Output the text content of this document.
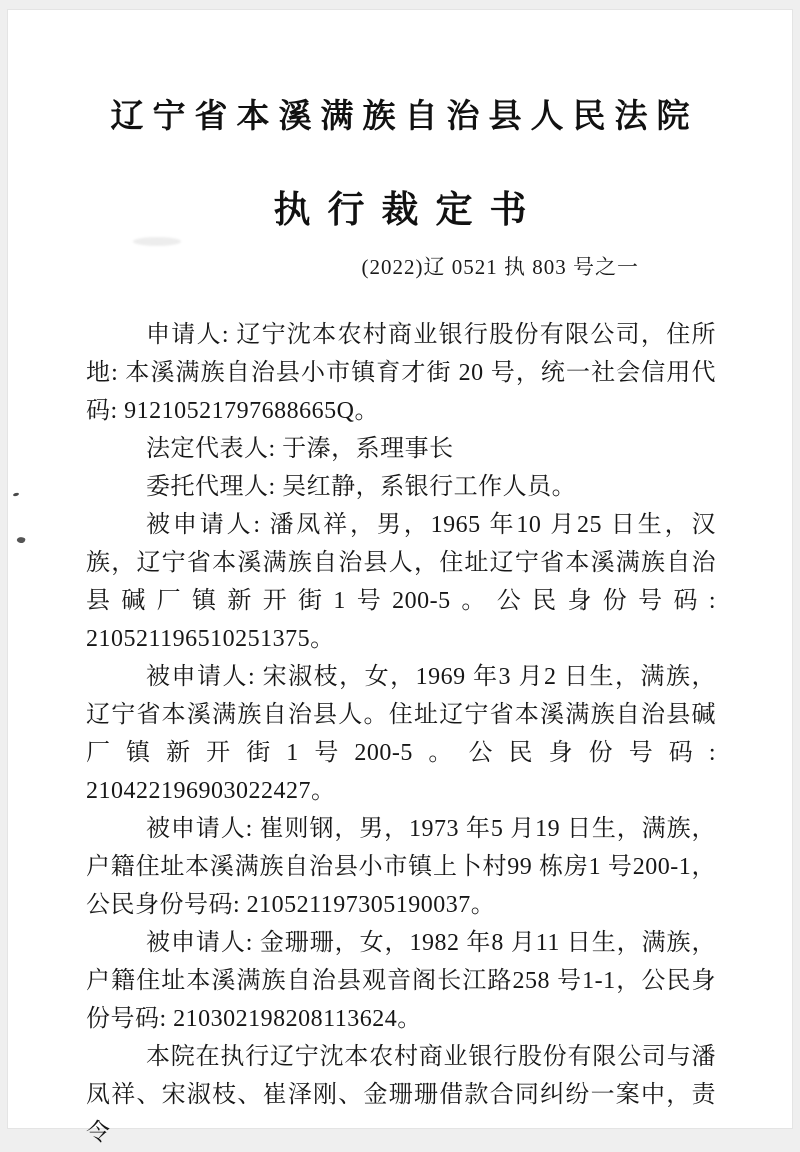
辽宁省本溪满族自治县人民法院
执行裁定书
(2022)辽 0521 执 803 号之一

申请人: 辽宁沈本农村商业银行股份有限公司，住所地: 本溪满族自治县小市镇育才街 20 号，统一社会信用代码: 91210521797688665Q。

法定代表人: 于溱，系理事长

委托代理人: 吴红静，系银行工作人员。

被申请人: 潘凤祥，男，1965 年10 月25 日生，汉族，辽宁省本溪满族自治县人，住址辽宁省本溪满族自治县碱厂镇新开街1号200-5。公民身份号码: 210521196510251375。

被申请人: 宋淑枝，女，1969 年3 月2 日生，满族，辽宁省本溪满族自治县人。住址辽宁省本溪满族自治县碱厂镇新开街1号200-5。公民身份号码: 210422196903022427。

被申请人: 崔则钢，男，1973 年5 月19 日生，满族，户籍住址本溪满族自治县小市镇上卜村99 栋房1 号200-1，公民身份号码: 210521197305190037。

被申请人: 金珊珊，女，1982 年8 月11 日生，满族，户籍住址本溪满族自治县观音阁长江路258 号1-1，公民身份号码: 210302198208113624。

本院在执行辽宁沈本农村商业银行股份有限公司与潘凤祥、宋淑枝、崔泽刚、金珊珊借款合同纠纷一案中，责令
